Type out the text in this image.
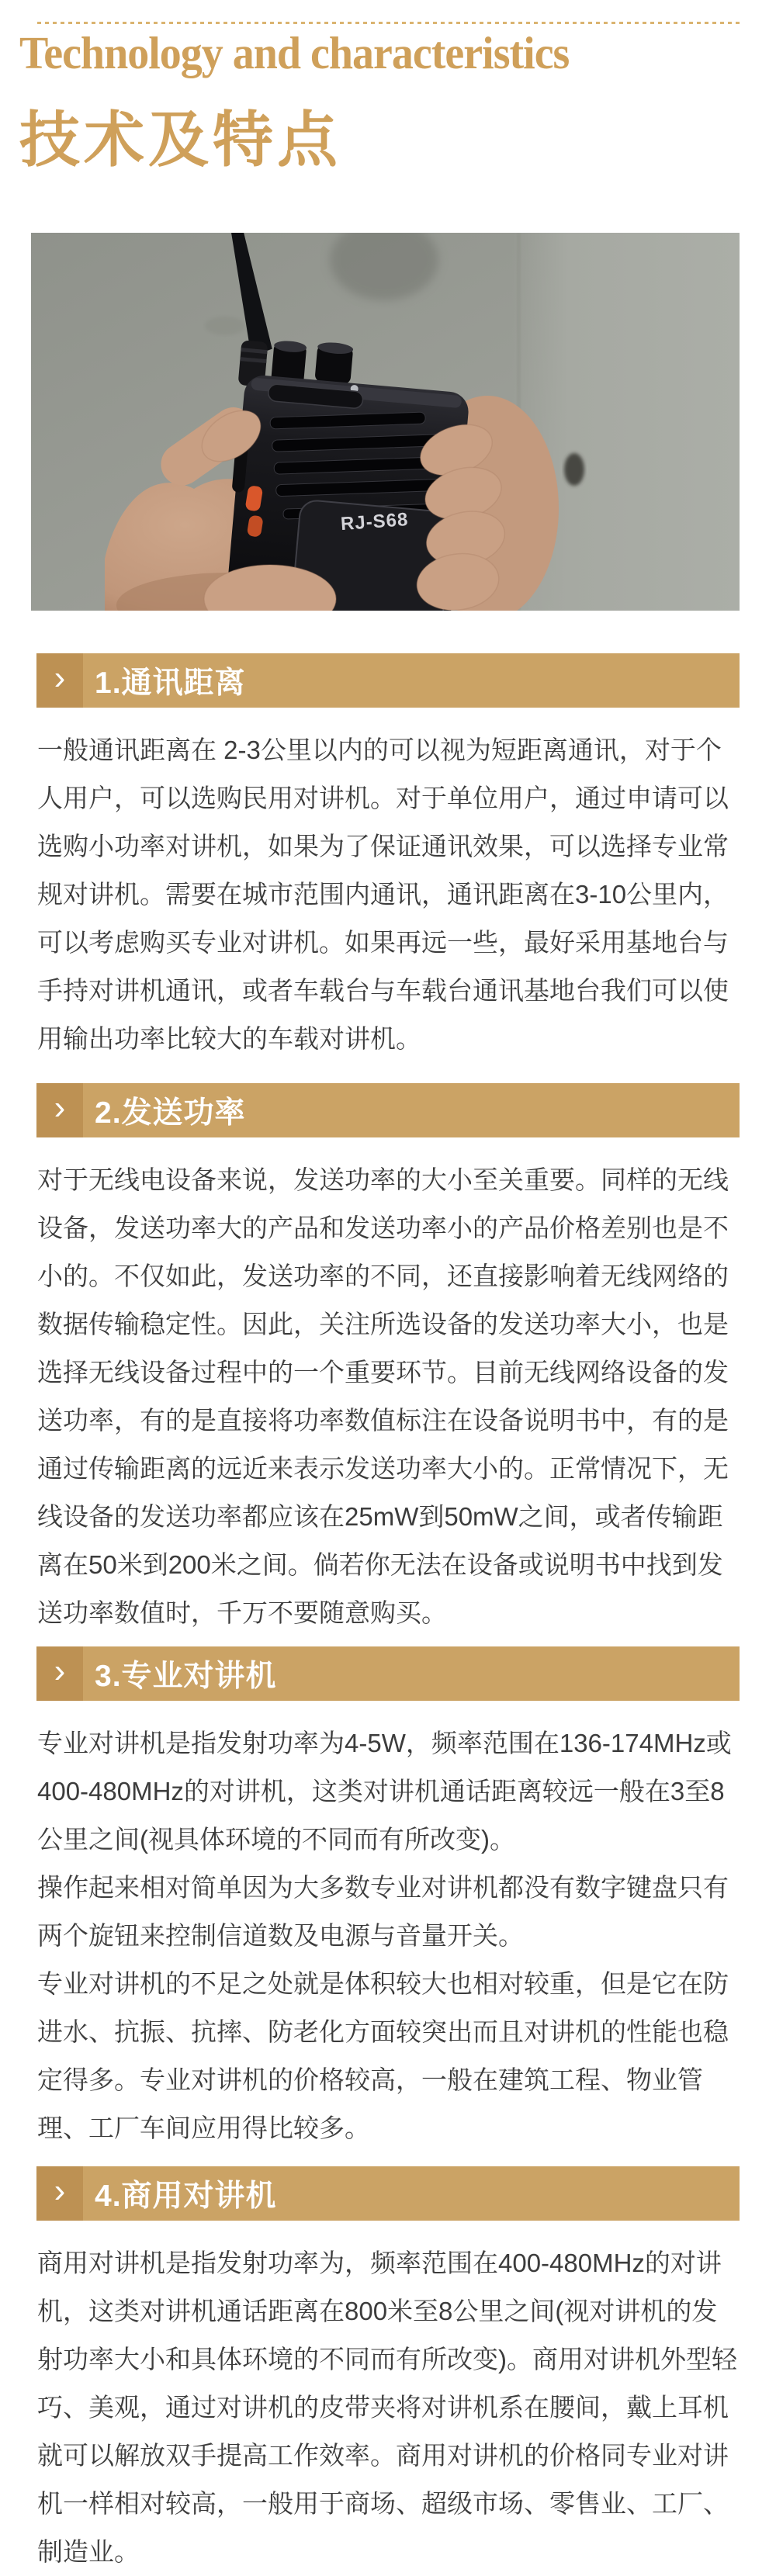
Technology and characteristics
技术及特点
RJ-S68
› 1.通讯距离

一般通讯距离在 2-3公里以内的可以视为短距离通讯，对于个人用户，可以选购民用对讲机。对于单位用户，通过申请可以选购小功率对讲机，如果为了保证通讯效果，可以选择专业常规对讲机。需要在城市范围内通讯，通讯距离在3-10公里内，可以考虑购买专业对讲机。如果再远一些，最好采用基地台与手持对讲机通讯，或者车载台与车载台通讯基地台我们可以使用输出功率比较大的车载对讲机。

› 2.发送功率

对于无线电设备来说，发送功率的大小至关重要。同样的无线设备，发送功率大的产品和发送功率小的产品价格差别也是不小的。不仅如此，发送功率的不同，还直接影响着无线网络的数据传输稳定性。因此，关注所选设备的发送功率大小，也是选择无线设备过程中的一个重要环节。目前无线网络设备的发送功率，有的是直接将功率数值标注在设备说明书中，有的是通过传输距离的远近来表示发送功率大小的。正常情况下，无线设备的发送功率都应该在25mW到50mW之间，或者传输距离在50米到200米之间。倘若你无法在设备或说明书中找到发送功率数值时，千万不要随意购买。

› 3.专业对讲机

专业对讲机是指发射功率为4-5W，频率范围在136-174MHz或400-480MHz的对讲机，这类对讲机通话距离较远一般在3至8公里之间(视具体环境的不同而有所改变)。

操作起来相对简单因为大多数专业对讲机都没有数字键盘只有两个旋钮来控制信道数及电源与音量开关。

专业对讲机的不足之处就是体积较大也相对较重，但是它在防进水、抗振、抗摔、防老化方面较突出而且对讲机的性能也稳定得多。专业对讲机的价格较高，一般在建筑工程、物业管理、工厂车间应用得比较多。

› 4.商用对讲机

商用对讲机是指发射功率为，频率范围在400-480MHz的对讲机，这类对讲机通话距离在800米至8公里之间(视对讲机的发射功率大小和具体环境的不同而有所改变)。商用对讲机外型轻巧、美观，通过对讲机的皮带夹将对讲机系在腰间，戴上耳机就可以解放双手提高工作效率。商用对讲机的价格同专业对讲机一样相对较高，一般用于商场、超级市场、零售业、工厂、制造业。
